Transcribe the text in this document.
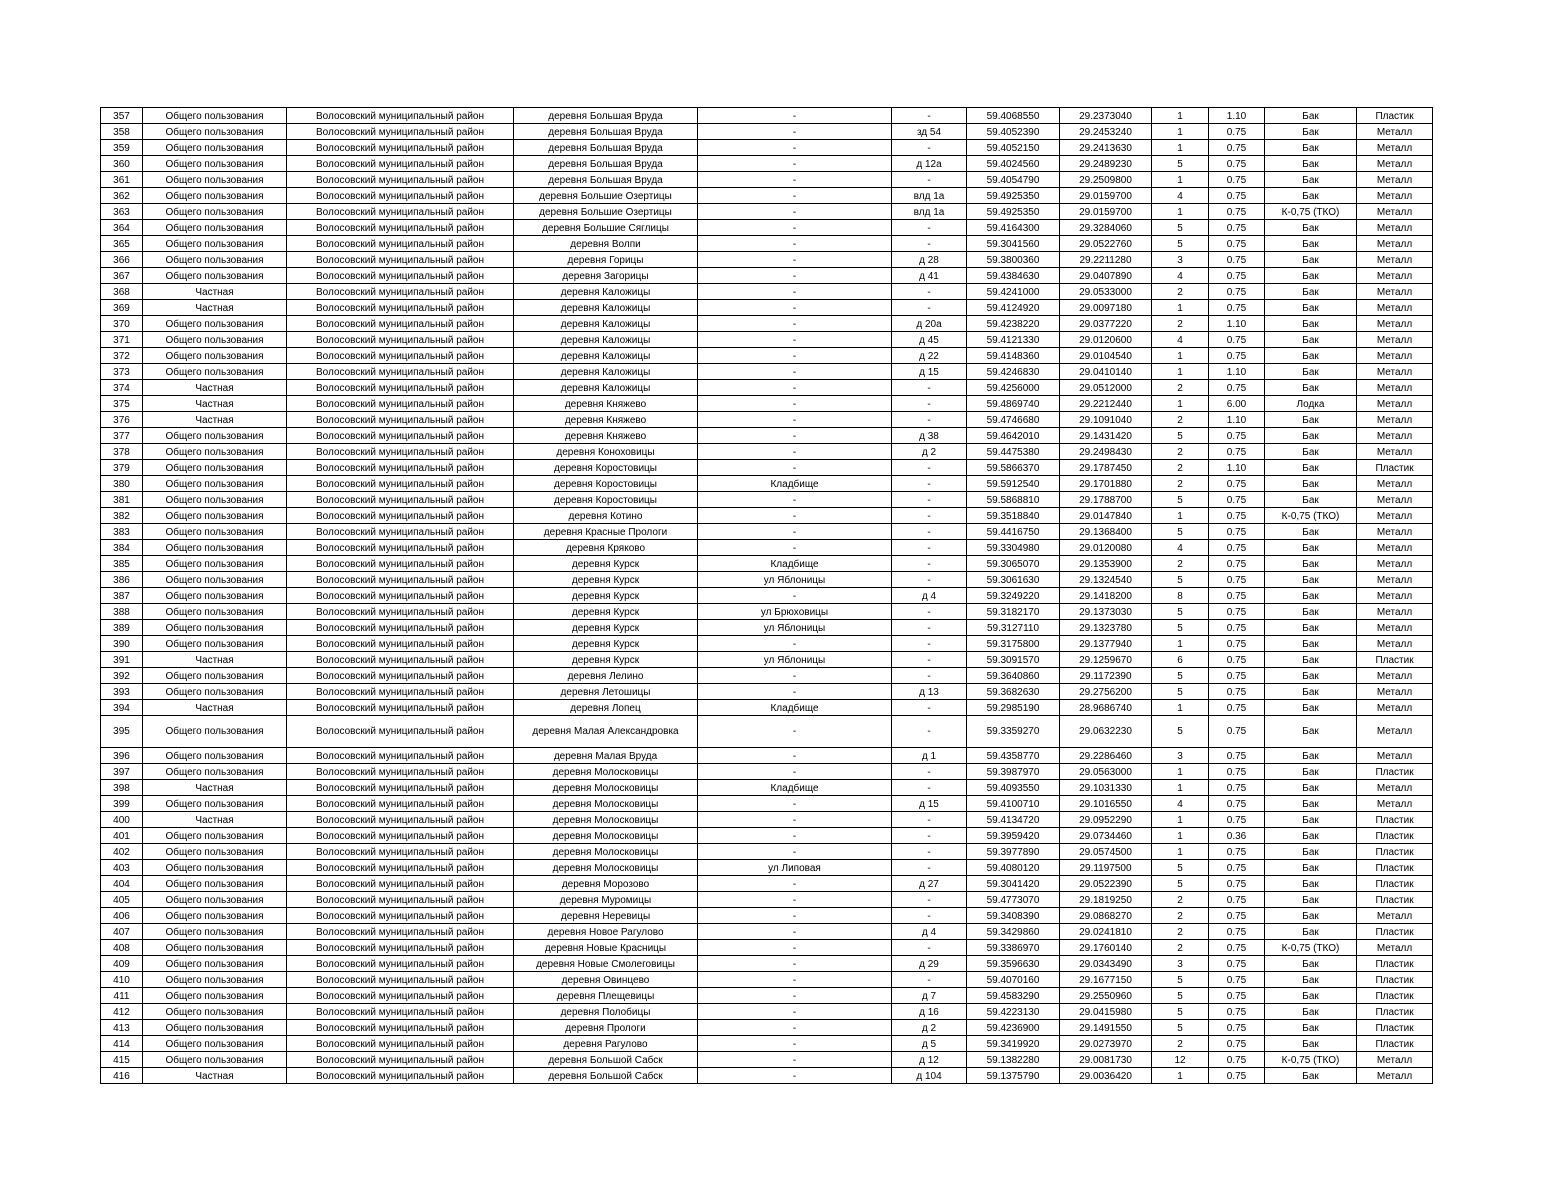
357	Общего пользования	Волосовский муниципальный район	деревня Большая Вруда	-	-	59.4068550	29.2373040	1	1.10	Бак	Пластик
358	Общего пользования	Волосовский муниципальный район	деревня Большая Вруда	-	зд 54	59.4052390	29.2453240	1	0.75	Бак	Металл
359	Общего пользования	Волосовский муниципальный район	деревня Большая Вруда	-	-	59.4052150	29.2413630	1	0.75	Бак	Металл
360	Общего пользования	Волосовский муниципальный район	деревня Большая Вруда	-	д 12а	59.4024560	29.2489230	5	0.75	Бак	Металл
361	Общего пользования	Волосовский муниципальный район	деревня Большая Вруда	-	-	59.4054790	29.2509800	1	0.75	Бак	Металл
362	Общего пользования	Волосовский муниципальный район	деревня Большие Озертицы	-	влд 1а	59.4925350	29.0159700	4	0.75	Бак	Металл
363	Общего пользования	Волосовский муниципальный район	деревня Большие Озертицы	-	влд 1а	59.4925350	29.0159700	1	0.75	К-0,75 (ТКО)	Металл
364	Общего пользования	Волосовский муниципальный район	деревня Большие Сяглицы	-	-	59.4164300	29.3284060	5	0.75	Бак	Металл
365	Общего пользования	Волосовский муниципальный район	деревня Волпи	-	-	59.3041560	29.0522760	5	0.75	Бак	Металл
366	Общего пользования	Волосовский муниципальный район	деревня Горицы	-	д 28	59.3800360	29.2211280	3	0.75	Бак	Металл
367	Общего пользования	Волосовский муниципальный район	деревня Загорицы	-	д 41	59.4384630	29.0407890	4	0.75	Бак	Металл
368	Частная	Волосовский муниципальный район	деревня Каложицы	-	-	59.4241000	29.0533000	2	0.75	Бак	Металл
369	Частная	Волосовский муниципальный район	деревня Каложицы	-	-	59.4124920	29.0097180	1	0.75	Бак	Металл
370	Общего пользования	Волосовский муниципальный район	деревня Каложицы	-	д 20а	59.4238220	29.0377220	2	1.10	Бак	Металл
371	Общего пользования	Волосовский муниципальный район	деревня Каложицы	-	д 45	59.4121330	29.0120600	4	0.75	Бак	Металл
372	Общего пользования	Волосовский муниципальный район	деревня Каложицы	-	д 22	59.4148360	29.0104540	1	0.75	Бак	Металл
373	Общего пользования	Волосовский муниципальный район	деревня Каложицы	-	д 15	59.4246830	29.0410140	1	1.10	Бак	Металл
374	Частная	Волосовский муниципальный район	деревня Каложицы	-	-	59.4256000	29.0512000	2	0.75	Бак	Металл
375	Частная	Волосовский муниципальный район	деревня Княжево	-	-	59.4869740	29.2212440	1	6.00	Лодка	Металл
376	Частная	Волосовский муниципальный район	деревня Княжево	-	-	59.4746680	29.1091040	2	1.10	Бак	Металл
377	Общего пользования	Волосовский муниципальный район	деревня Княжево	-	д 38	59.4642010	29.1431420	5	0.75	Бак	Металл
378	Общего пользования	Волосовский муниципальный район	деревня Коноховицы	-	д 2	59.4475380	29.2498430	2	0.75	Бак	Металл
379	Общего пользования	Волосовский муниципальный район	деревня Коростовицы	-	-	59.5866370	29.1787450	2	1.10	Бак	Пластик
380	Общего пользования	Волосовский муниципальный район	деревня Коростовицы	Кладбище	-	59.5912540	29.1701880	2	0.75	Бак	Металл
381	Общего пользования	Волосовский муниципальный район	деревня Коростовицы	-	-	59.5868810	29.1788700	5	0.75	Бак	Металл
382	Общего пользования	Волосовский муниципальный район	деревня Котино	-	-	59.3518840	29.0147840	1	0.75	К-0,75 (ТКО)	Металл
383	Общего пользования	Волосовский муниципальный район	деревня Красные Прологи	-	-	59.4416750	29.1368400	5	0.75	Бак	Металл
384	Общего пользования	Волосовский муниципальный район	деревня Кряково	-	-	59.3304980	29.0120080	4	0.75	Бак	Металл
385	Общего пользования	Волосовский муниципальный район	деревня Курск	Кладбище	-	59.3065070	29.1353900	2	0.75	Бак	Металл
386	Общего пользования	Волосовский муниципальный район	деревня Курск	ул Яблоницы	-	59.3061630	29.1324540	5	0.75	Бак	Металл
387	Общего пользования	Волосовский муниципальный район	деревня Курск	-	д 4	59.3249220	29.1418200	8	0.75	Бак	Металл
388	Общего пользования	Волосовский муниципальный район	деревня Курск	ул Брюховицы	-	59.3182170	29.1373030	5	0.75	Бак	Металл
389	Общего пользования	Волосовский муниципальный район	деревня Курск	ул Яблоницы	-	59.3127110	29.1323780	5	0.75	Бак	Металл
390	Общего пользования	Волосовский муниципальный район	деревня Курск	-	-	59.3175800	29.1377940	1	0.75	Бак	Металл
391	Частная	Волосовский муниципальный район	деревня Курск	ул Яблоницы	-	59.3091570	29.1259670	6	0.75	Бак	Пластик
392	Общего пользования	Волосовский муниципальный район	деревня Лелино	-	-	59.3640860	29.1172390	5	0.75	Бак	Металл
393	Общего пользования	Волосовский муниципальный район	деревня Летошицы	-	д 13	59.3682630	29.2756200	5	0.75	Бак	Металл
394	Частная	Волосовский муниципальный район	деревня Лопец	Кладбище	-	59.2985190	28.9686740	1	0.75	Бак	Металл
395	Общего пользования	Волосовский муниципальный район	деревня Малая Александровка	-	-	59.3359270	29.0632230	5	0.75	Бак	Металл
396	Общего пользования	Волосовский муниципальный район	деревня Малая Вруда	-	д 1	59.4358770	29.2286460	3	0.75	Бак	Металл
397	Общего пользования	Волосовский муниципальный район	деревня Молосковицы	-	-	59.3987970	29.0563000	1	0.75	Бак	Пластик
398	Частная	Волосовский муниципальный район	деревня Молосковицы	Кладбище	-	59.4093550	29.1031330	1	0.75	Бак	Металл
399	Общего пользования	Волосовский муниципальный район	деревня Молосковицы	-	д 15	59.4100710	29.1016550	4	0.75	Бак	Металл
400	Частная	Волосовский муниципальный район	деревня Молосковицы	-	-	59.4134720	29.0952290	1	0.75	Бак	Пластик
401	Общего пользования	Волосовский муниципальный район	деревня Молосковицы	-	-	59.3959420	29.0734460	1	0.36	Бак	Пластик
402	Общего пользования	Волосовский муниципальный район	деревня Молосковицы	-	-	59.3977890	29.0574500	1	0.75	Бак	Пластик
403	Общего пользования	Волосовский муниципальный район	деревня Молосковицы	ул Липовая	-	59.4080120	29.1197500	5	0.75	Бак	Пластик
404	Общего пользования	Волосовский муниципальный район	деревня Морозово	-	д 27	59.3041420	29.0522390	5	0.75	Бак	Пластик
405	Общего пользования	Волосовский муниципальный район	деревня Муромицы	-	-	59.4773070	29.1819250	2	0.75	Бак	Пластик
406	Общего пользования	Волосовский муниципальный район	деревня Неревицы	-	-	59.3408390	29.0868270	2	0.75	Бак	Металл
407	Общего пользования	Волосовский муниципальный район	деревня Новое Рагулово	-	д 4	59.3429860	29.0241810	2	0.75	Бак	Пластик
408	Общего пользования	Волосовский муниципальный район	деревня Новые Красницы	-	-	59.3386970	29.1760140	2	0.75	К-0,75 (ТКО)	Металл
409	Общего пользования	Волосовский муниципальный район	деревня Новые Смолеговицы	-	д 29	59.3596630	29.0343490	3	0.75	Бак	Пластик
410	Общего пользования	Волосовский муниципальный район	деревня Овинцево	-	-	59.4070160	29.1677150	5	0.75	Бак	Пластик
411	Общего пользования	Волосовский муниципальный район	деревня Плещевицы	-	д 7	59.4583290	29.2550960	5	0.75	Бак	Пластик
412	Общего пользования	Волосовский муниципальный район	деревня Полобицы	-	д 16	59.4223130	29.0415980	5	0.75	Бак	Пластик
413	Общего пользования	Волосовский муниципальный район	деревня Прологи	-	д 2	59.4236900	29.1491550	5	0.75	Бак	Пластик
414	Общего пользования	Волосовский муниципальный район	деревня Рагулово	-	д 5	59.3419920	29.0273970	2	0.75	Бак	Пластик
415	Общего пользования	Волосовский муниципальный район	деревня Большой Сабск	-	д 12	59.1382280	29.0081730	12	0.75	К-0,75 (ТКО)	Металл
416	Частная	Волосовский муниципальный район	деревня Большой Сабск	-	д 104	59.1375790	29.0036420	1	0.75	Бак	Металл
